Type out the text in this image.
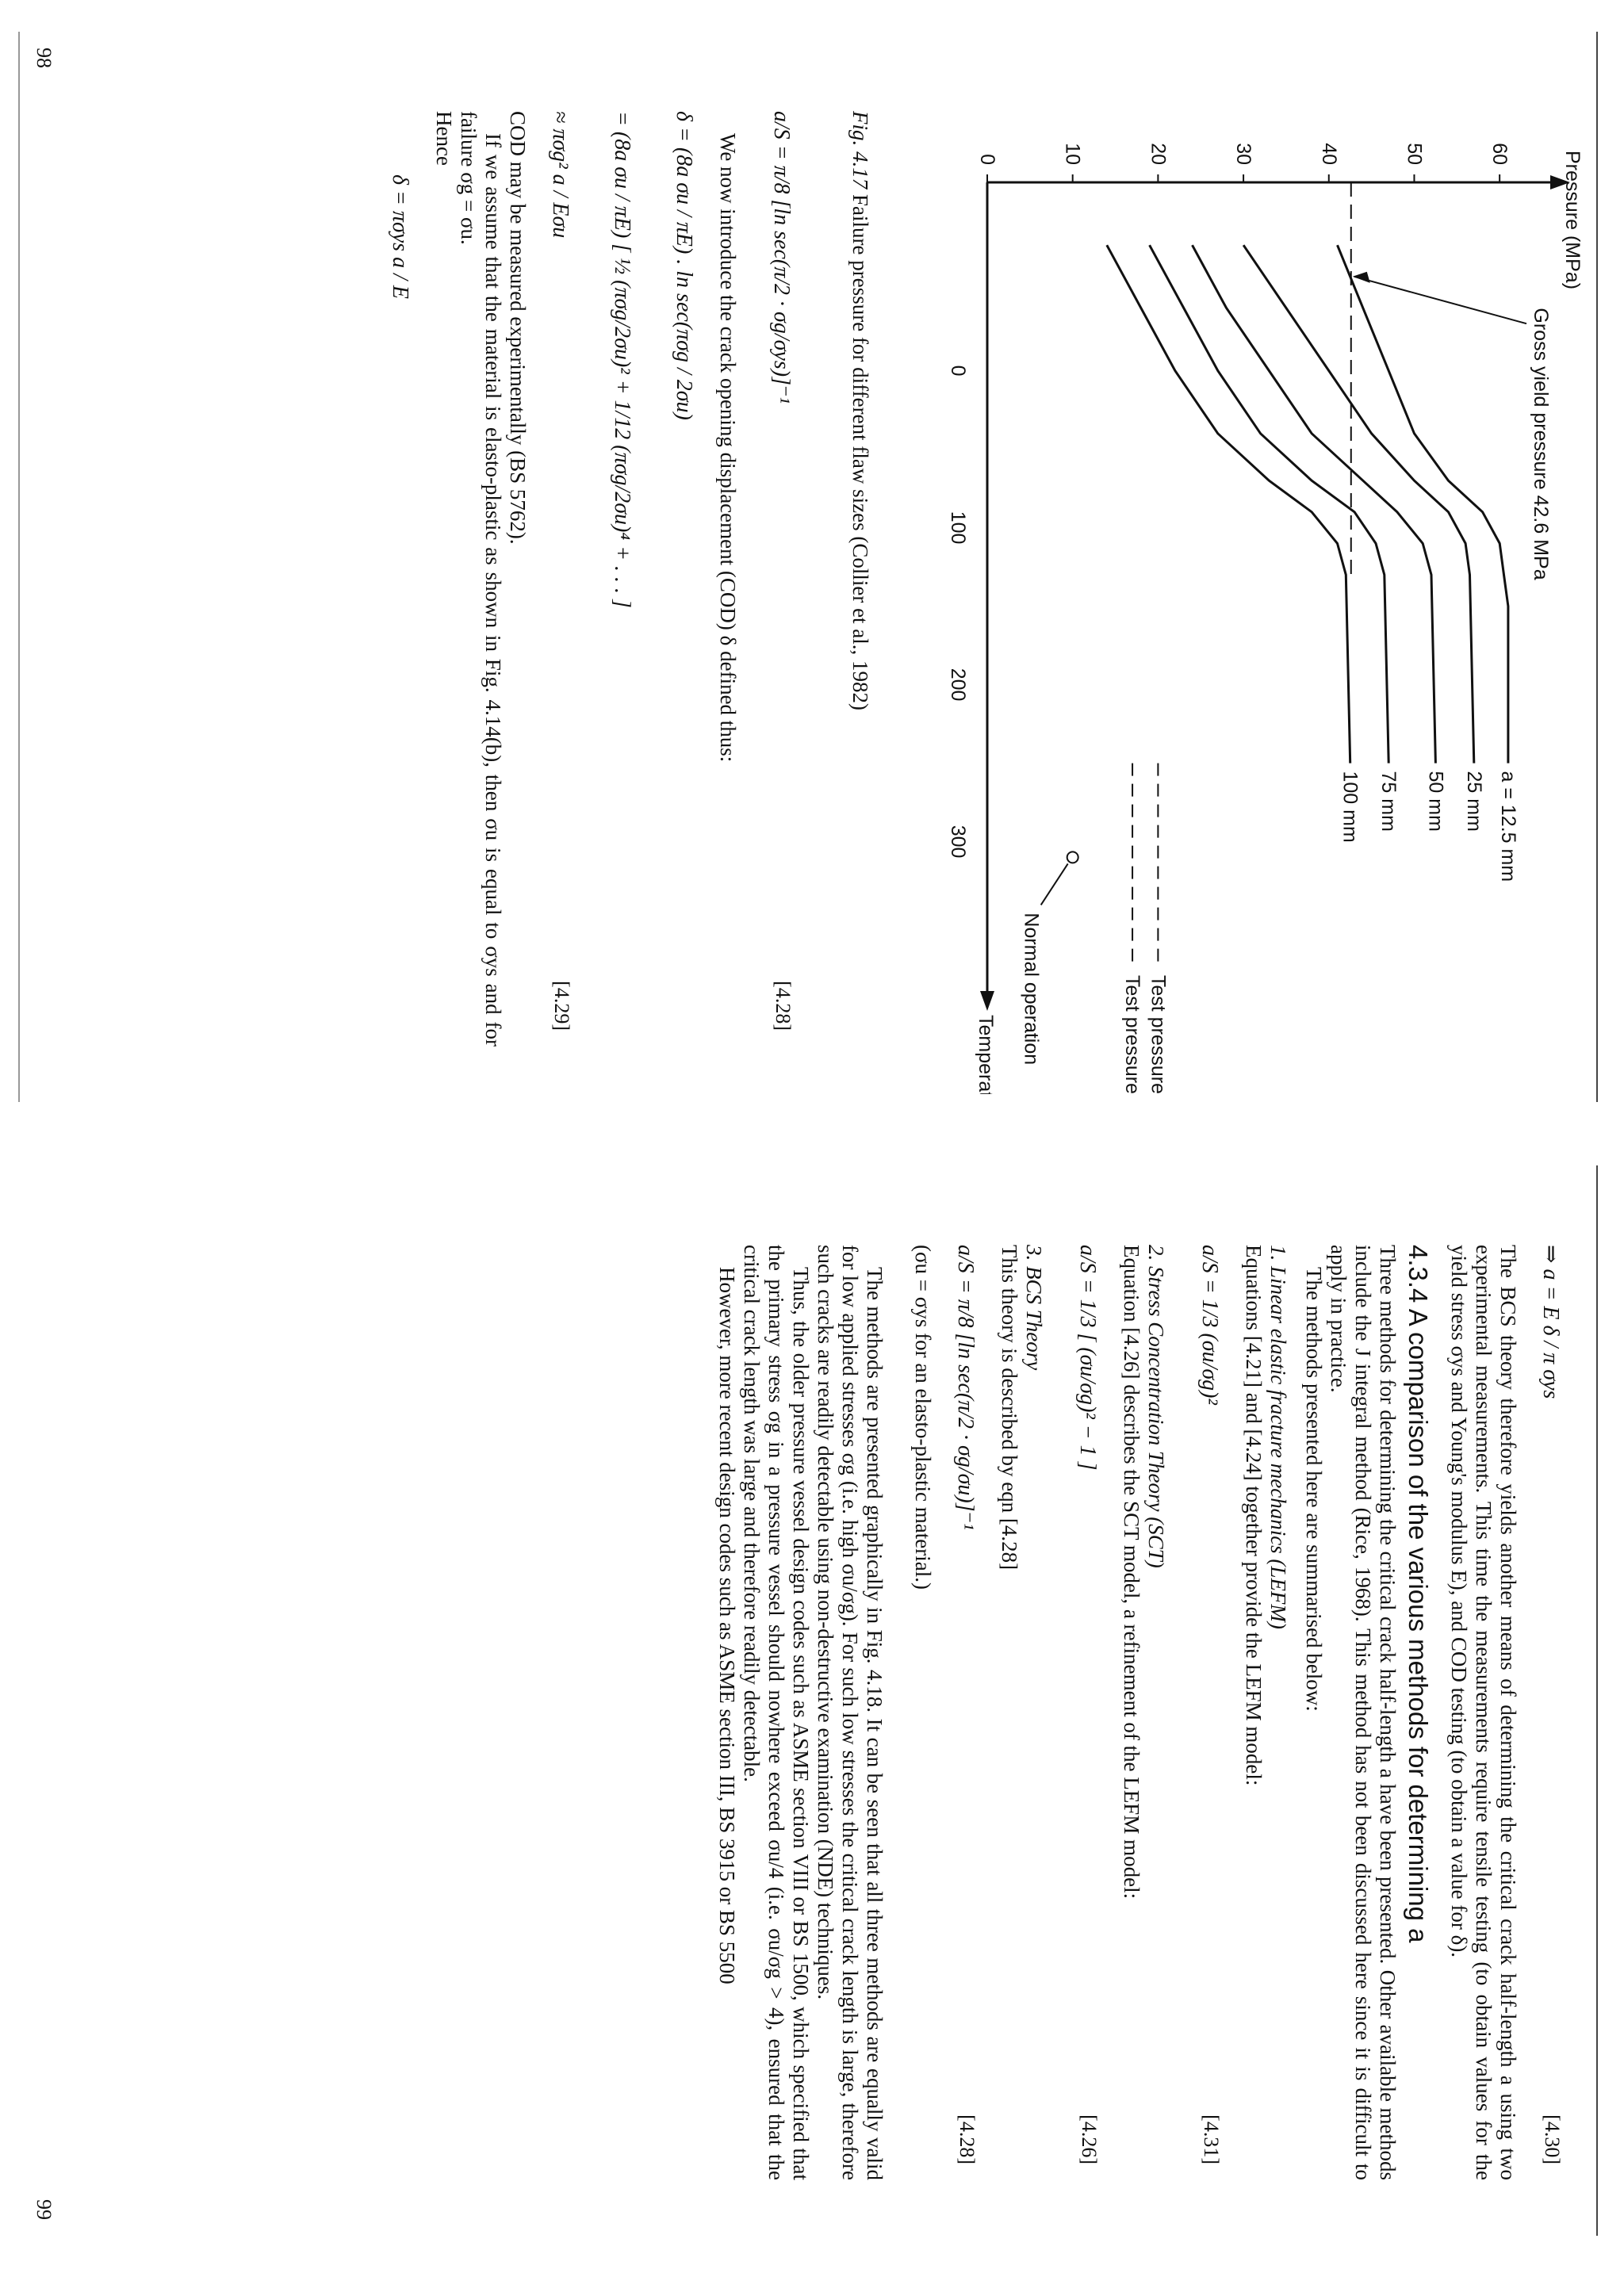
0	10	20	30	40	50	60	Pressure (MPa)
0
100
200
300
Temperature (°C)
Gross yield pressure 42.6 MPa
a = 12.5 mm
25 mm
50 mm
75 mm
100 mm
Test pressure
Test pressure
Normal operation
Fig. 4.17 Failure pressure for different flaw sizes (Collier et al., 1982)
a/S = π/8 [ln sec(π/2 · σg/σys)]⁻¹
[4.28]

We now introduce the crack opening displacement (COD) δ defined thus:

δ = (8a σu / πE) . ln sec(πσg / 2σu)
= (8a σu / πE) [ ½ (πσg/2σu)² + 1/12 (πσg/2σu)⁴ + . . . ]
≈ πσg² a / Eσu
[4.29]

COD may be measured experimentally (BS 5762).

If we assume that the material is elasto-plastic as shown in Fig. 4.14(b), then σu is equal to σys and for failure σg = σu.

Hence

δ = πσys a / E
98
⇒ a = E δ / π σys
[4.30]

The BCS theory therefore yields another means of determining the critical crack half-length a using two experimental measurements. This time the measurements require tensile testing (to obtain values for the yield stress σys and Young's modulus E), and COD testing (to obtain a value for δ).

4.3.4 A comparison of the various methods for determining a

Three methods for determining the critical crack half-length a have been presented. Other available methods include the J integral method (Rice, 1968). This method has not been discussed here since it is difficult to apply in practice.

The methods presented here are summarised below:

1. Linear elastic fracture mechanics (LEFM)

Equations [4.21] and [4.24] together provide the LEFM model:

a/S = 1/3 (σu/σg)²
[4.31]

2. Stress Concentration Theory (SCT)

Equation [4.26] describes the SCT model, a refinement of the LEFM model:

a/S = 1/3 [ (σu/σg)² − 1 ]
[4.26]

3. BCS Theory

This theory is described by eqn [4.28]

a/S = π/8 [ln sec(π/2 · σg/σu)]⁻¹
[4.28]

(σu = σys for an elasto-plastic material.)

The methods are presented graphically in Fig. 4.18. It can be seen that all three methods are equally valid for low applied stresses σg (i.e. high σu/σg). For such low stresses the critical crack length is large, therefore such cracks are readily detectable using non-destructive examination (NDE) techniques.

Thus, the older pressure vessel design codes such as ASME section VIII or BS 1500, which specified that the primary stress σg in a pressure vessel should nowhere exceed σu/4 (i.e. σu/σg > 4), ensured that the critical crack length was large and therefore readily detectable.

However, more recent design codes such as ASME section III, BS 3915 or BS 5500

99
